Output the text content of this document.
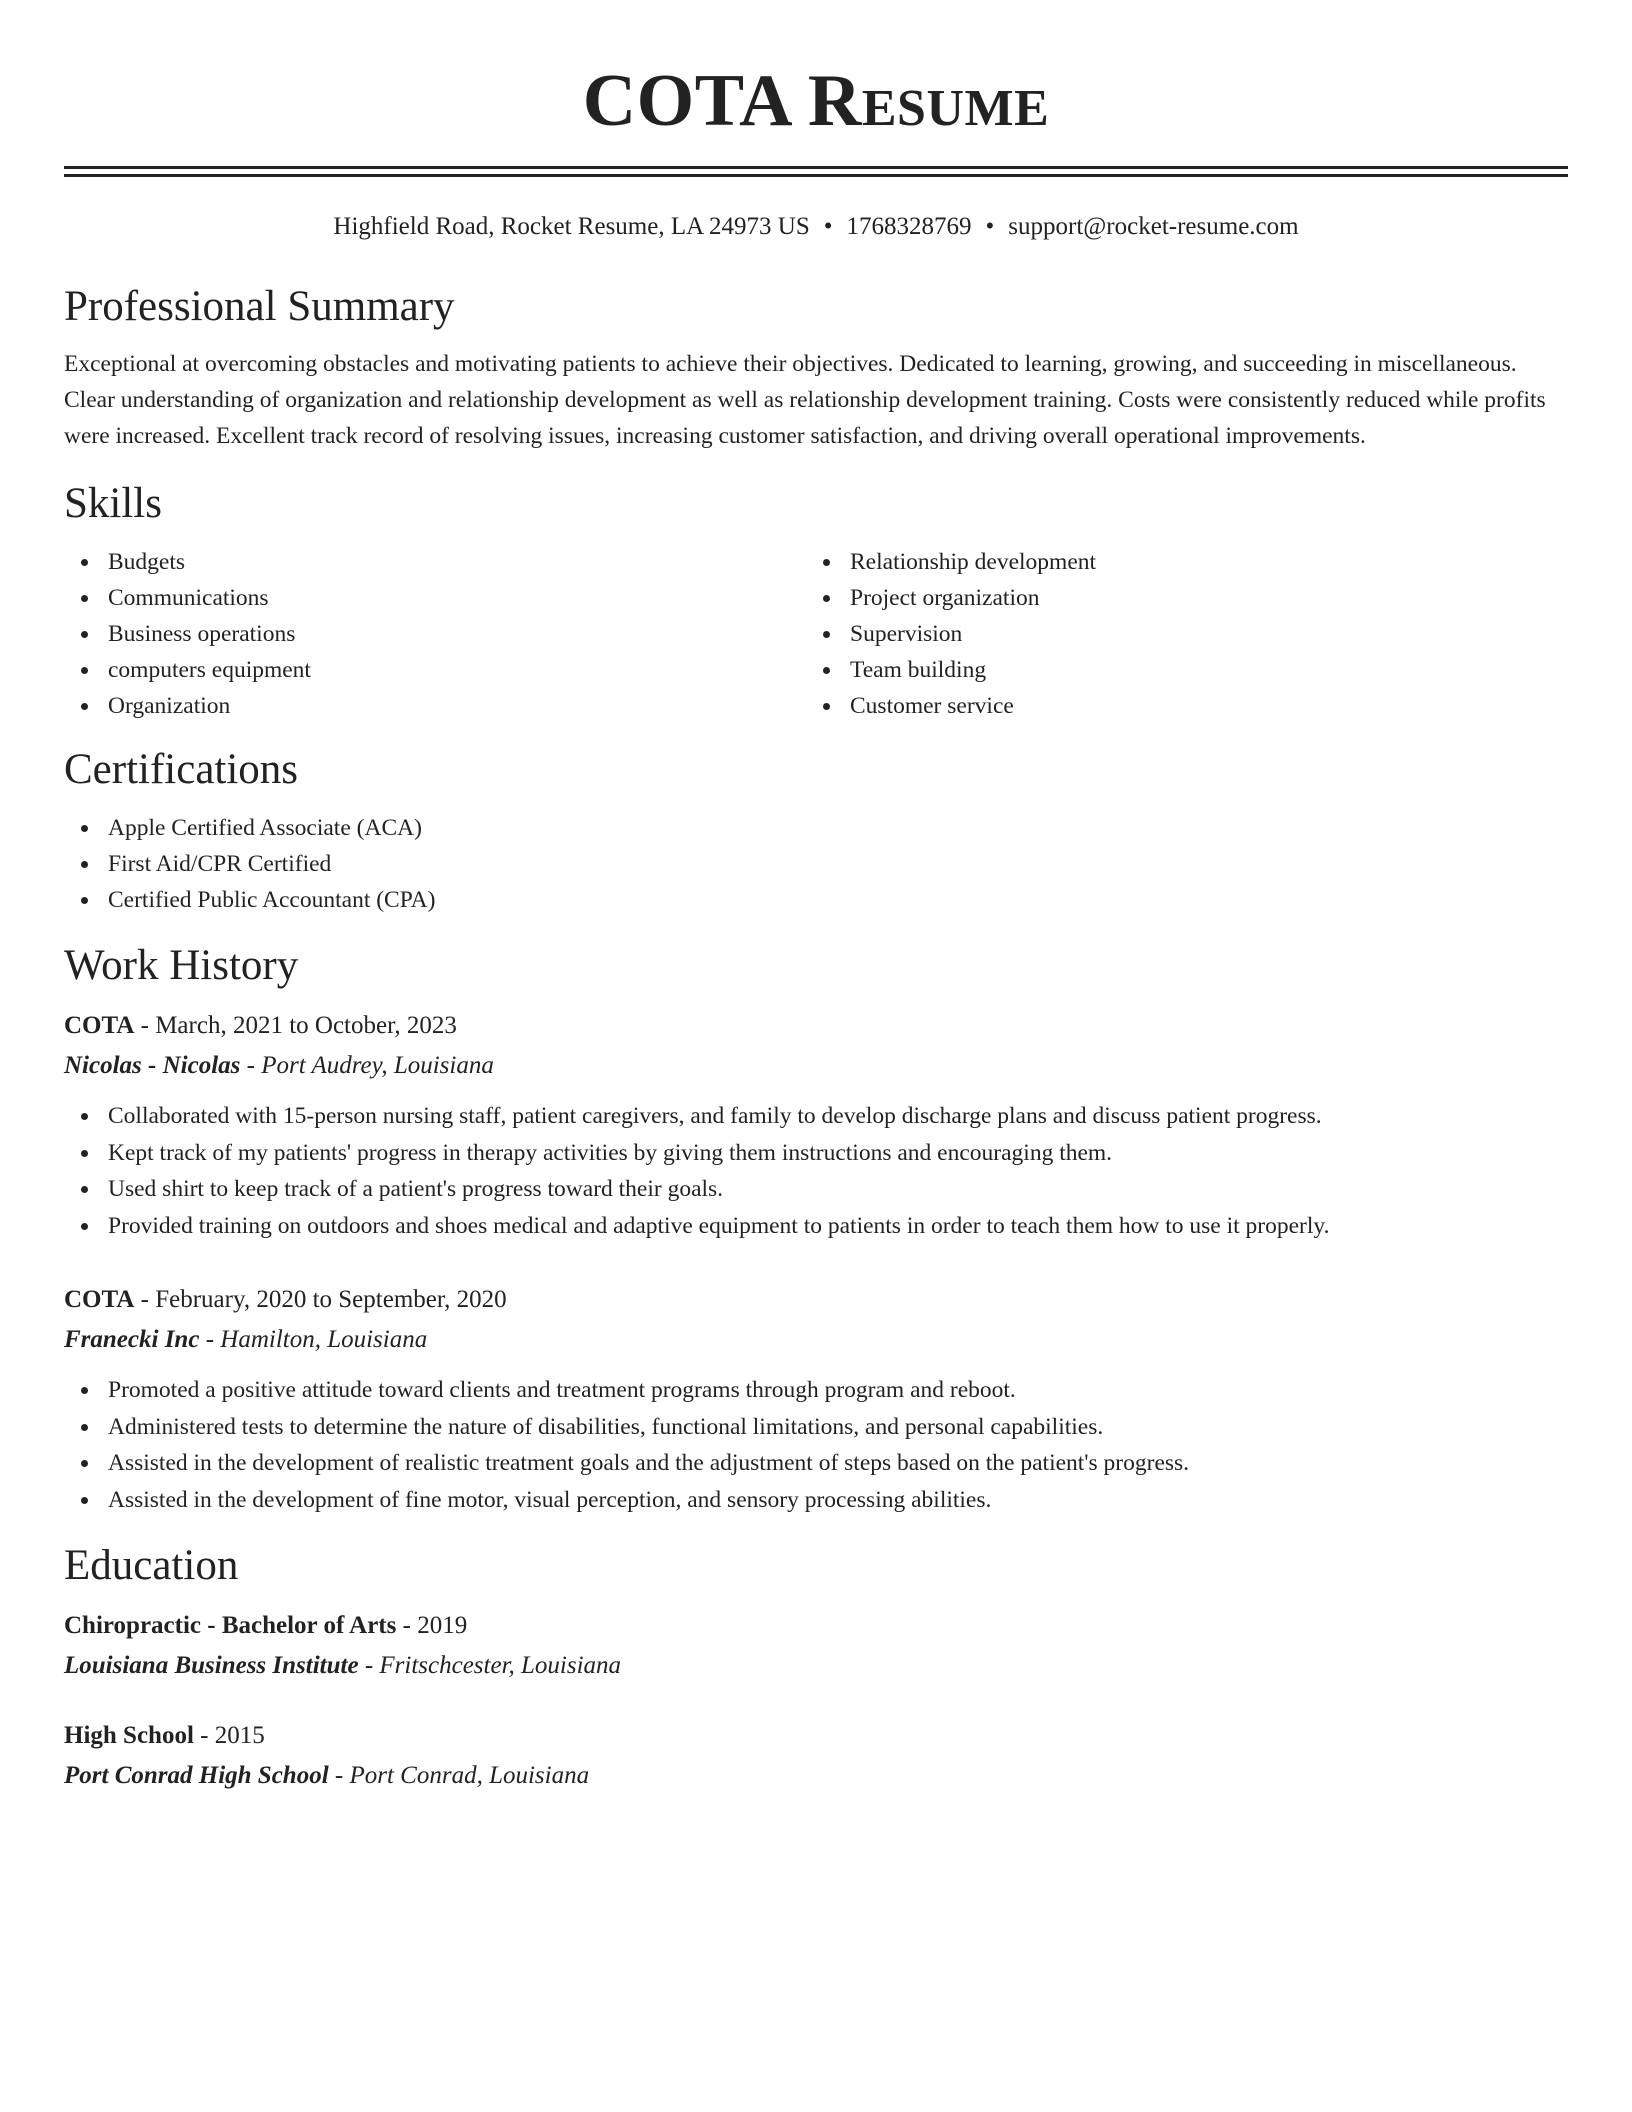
COTA Resume
Highfield Road, Rocket Resume, LA 24973 US • 1768328769 • support@rocket-resume.com
Professional Summary

Exceptional at overcoming obstacles and motivating patients to achieve their objectives. Dedicated to learning, growing, and succeeding in miscellaneous. Clear understanding of organization and relationship development as well as relationship development training. Costs were consistently reduced while profits were increased. Excellent track record of resolving issues, increasing customer satisfaction, and driving overall operational improvements.

Skills
Budgets
Communications
Business operations
computers equipment
Organization
Relationship development
Project organization
Supervision
Team building
Customer service
Certifications
Apple Certified Associate (ACA)
First Aid/CPR Certified
Certified Public Accountant (CPA)
Work History
COTA - March, 2021 to October, 2023
Nicolas - Nicolas - Port Audrey, Louisiana
Collaborated with 15-person nursing staff, patient caregivers, and family to develop discharge plans and discuss patient progress.
Kept track of my patients' progress in therapy activities by giving them instructions and encouraging them.
Used shirt to keep track of a patient's progress toward their goals.
Provided training on outdoors and shoes medical and adaptive equipment to patients in order to teach them how to use it properly.
COTA - February, 2020 to September, 2020
Franecki Inc - Hamilton, Louisiana
Promoted a positive attitude toward clients and treatment programs through program and reboot.
Administered tests to determine the nature of disabilities, functional limitations, and personal capabilities.
Assisted in the development of realistic treatment goals and the adjustment of steps based on the patient's progress.
Assisted in the development of fine motor, visual perception, and sensory processing abilities.
Education
Chiropractic - Bachelor of Arts - 2019
Louisiana Business Institute - Fritschcester, Louisiana
High School - 2015
Port Conrad High School - Port Conrad, Louisiana
